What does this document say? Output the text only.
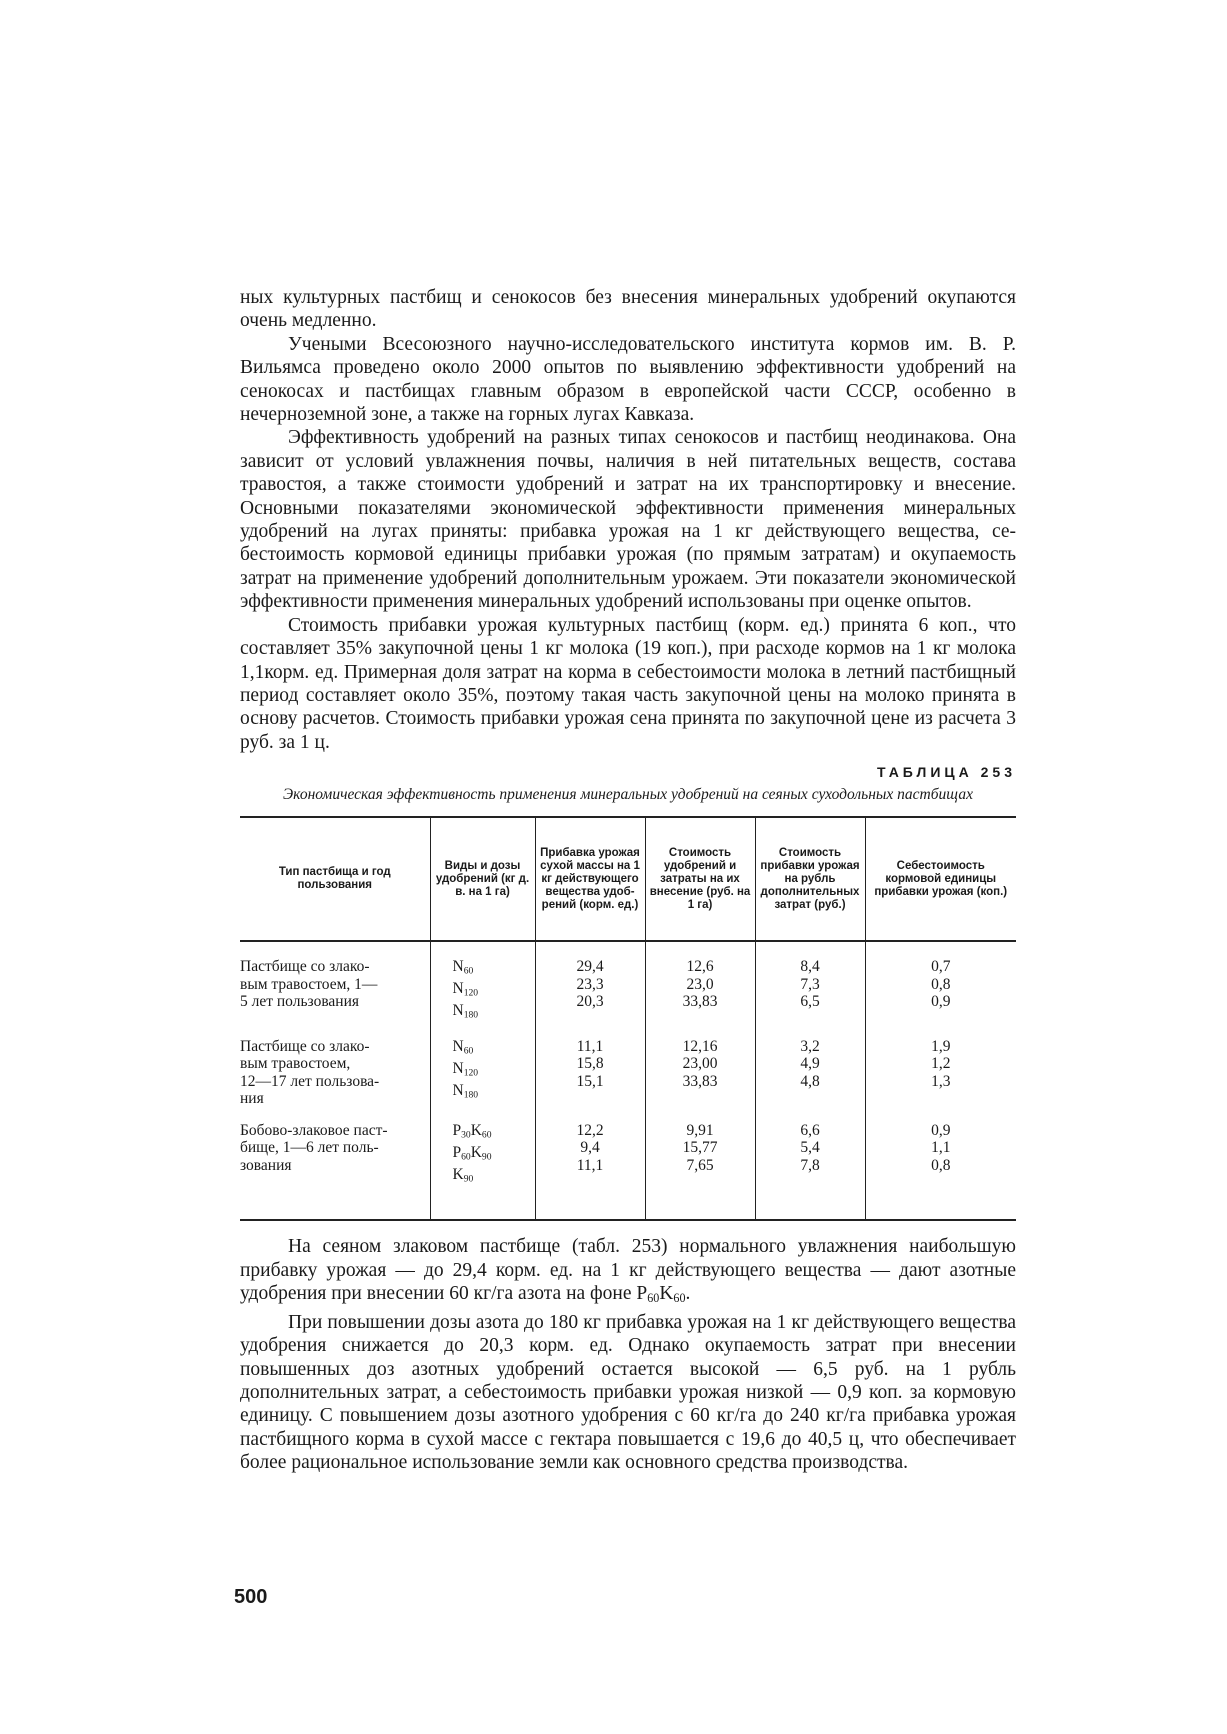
ных культурных пастбищ и сенокосов без внесения минеральных удобрений окупаются очень медленно.

Учеными Всесоюзного научно-исследовательского института кормов им. В. Р. Вильямса проведено около 2000 опытов по выявлению эффективности удобрений на сенокосах и пастбищах главным образом в европейской части СССР, особенно в нечерноземной зоне, а также на горных лугах Кавказа.

Эффективность удобрений на разных типах сенокосов и пастбищ неодинакова. Она зависит от условий увлажнения почвы, наличия в ней питательных веществ, состава травостоя, а также стоимости удобрений и затрат на их транспортировку и внесение. Основными показателями экономической эффективности применения минеральных удобрений на лугах приняты: прибавка урожая на 1 кг действующего вещества, себестоимость кормовой единицы прибавки урожая (по прямым затратам) и окупаемость затрат на применение удобрений дополнительным урожаем. Эти показатели экономической эффективности применения минеральных удобрений использованы при оценке опытов.

Стоимость прибавки урожая культурных пастбищ (корм. ед.) принята 6 коп., что составляет 35% закупочной цены 1 кг молока (19 коп.), при расходе кормов на 1 кг молока 1,1корм. ед. Примерная доля затрат на корма в себестоимости молока в летний пастбищный период составляет около 35%, поэтому такая часть закупочной цены на молоко принята в основу расчетов. Стоимость прибавки урожая сена принята по закупочной цене из расчета 3 руб. за 1 ц.

ТАБЛИЦА 253
Экономическая эффективность применения минеральных удобрений на сеяных суходольных пастбищах
Тип пастбища и год пользования	Виды и дозы удобрений (кг д. в. на 1 га)	Прибавка урожая сухой массы на 1 кг действующего вещества удобрений (корм. ед.)	Стоимость удобрений и затраты на их внесение (руб. на 1 га)	Стоимость прибавки урожая на рубль дополнительных затрат (руб.)	Себестоимость кормовой единицы прибавки урожая (коп.)

Пастбище со злако-
вым травостоем, 1—
5 лет пользования	$N_{60}$
$N_{120}$
$N_{180}$	29,4
23,3
20,3	12,6
23,0
33,83	8,4
7,3
6,5	0,7
0,8
0,9

Пастбище со злако-
вым травостоем,
12—17 лет пользова-
ния	$N_{60}$
$N_{120}$
$N_{180}$	11,1
15,8
15,1	12,16
23,00
33,83	3,2
4,9
4,8	1,9
1,2
1,3

Бобово-злаковое паст-
бище, 1—6 лет поль-
зования	$P_{30}K_{60}$
$P_{60}K_{90}$
$K_{90}$	12,2
9,4
11,1	9,91
15,77
7,65	6,6
5,4
7,8	0,9
1,1
0,8

На сеяном злаковом пастбище (табл. 253) нормального увлажнения наибольшую прибавку урожая — до 29,4 корм. ед. на 1 кг действующего вещества — дают азотные удобрения при внесении 60 кг/га азота на фоне $P_{60}K_{60}$.

При повышении дозы азота до 180 кг прибавка урожая на 1 кг действующего вещества удобрения снижается до 20,3 корм. ед. Однако окупаемость затрат при внесении повышенных доз азотных удобрений остается высокой — 6,5 руб. на 1 рубль дополнительных затрат, а себестоимость прибавки урожая низкой — 0,9 коп. за кормовую единицу. С повышением дозы азотного удобрения с 60 кг/га до 240 кг/га прибавка урожая пастбищного корма в сухой массе с гектара повышается с 19,6 до 40,5 ц, что обеспечивает более рациональное использование земли как основного средства производства.

500
